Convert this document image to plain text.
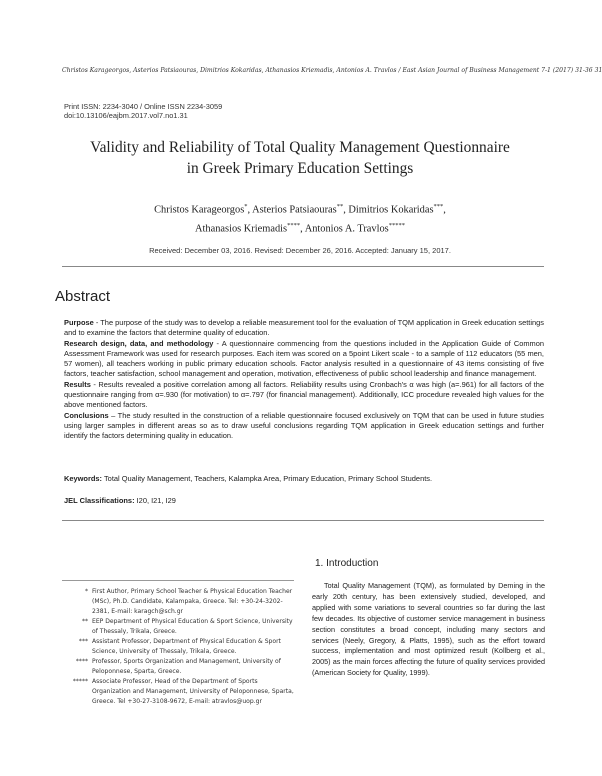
Christos Karageorgos, Asterios Patsiaouras, Dimitrios Kokaridas, Athanasios Kriemadis, Antonios A. Travlos / East Asian Journal of Business Management 7-1 (2017) 31-36 31
Print ISSN: 2234-3040 / Online ISSN 2234-3059
doi:10.13106/eajbm.2017.vol7.no1.31
Validity and Reliability of Total Quality Management Questionnaire
in Greek Primary Education Settings
Christos Karageorgos*, Asterios Patsiaouras**, Dimitrios Kokaridas***,
Athanasios Kriemadis****, Antonios A. Travlos*****
Received: December 03, 2016. Revised: December 26, 2016. Accepted: January 15, 2017.
Abstract

Purpose - The purpose of the study was to develop a reliable measurement tool for the evaluation of TQM application in Greek education settings and to examine the factors that determine quality of education.

Research design, data, and methodology - A questionnaire commencing from the questions included in the Application Guide of Common Assessment Framework was used for research purposes. Each item was scored on a 5point Likert scale - to a sample of 112 educators (55 men, 57 women), all teachers working in public primary education schools. Factor analysis resulted in a questionnaire of 43 items consisting of five factors, teacher satisfaction, school management and operation, motivation, effectiveness of public school leadership and finance management.

Results - Results revealed a positive correlation among all factors. Reliability results using Cronbach's α was high (a=.961) for all factors of the questionnaire ranging from α=.930 (for motivation) to α=.797 (for financial management). Additionally, ICC procedure revealed high values for the above mentioned factors.

Conclusions – The study resulted in the construction of a reliable questionnaire focused exclusively on TQM that can be used in future studies using larger samples in different areas so as to draw useful conclusions regarding TQM application in Greek education settings and further identify the factors determining quality in education.

Keywords: Total Quality Management, Teachers, Kalampka Area, Primary Education, Primary School Students.
JEL Classifications: I20, I21, I29
1. Introduction
Total Quality Management (TQM), as formulated by Deming in the early 20th century, has been extensively studied, developed, and applied with some variations to several countries so far during the last few decades. Its objective of customer service management in business section constitutes a broad concept, including many sectors and services (Neely, Gregory, & Platts, 1995), such as the effort toward success, implementation and most optimized result (Kollberg et al., 2005) as the main forces affecting the future of quality services provided (American Society for Quality, 1999).
* First Author, Primary School Teacher & Physical Education Teacher (MSc), Ph.D. Candidate, Kalampaka, Greece. Tel: +30-24-3202-2381, E-mail: karagch@sch.gr
** EEP Department of Physical Education & Sport Science, University of Thessaly, Trikala, Greece.
*** Assistant Professor, Department of Physical Education & Sport Science, University of Thessaly, Trikala, Greece.
**** Professor, Sports Organization and Management, University of Peloponnese, Sparta, Greece.
***** Associate Professor, Head of the Department of Sports Organization and Management, University of Peloponnese, Sparta, Greece. Tel +30-27-3108-9672, E-mail: atravlos@uop.gr
